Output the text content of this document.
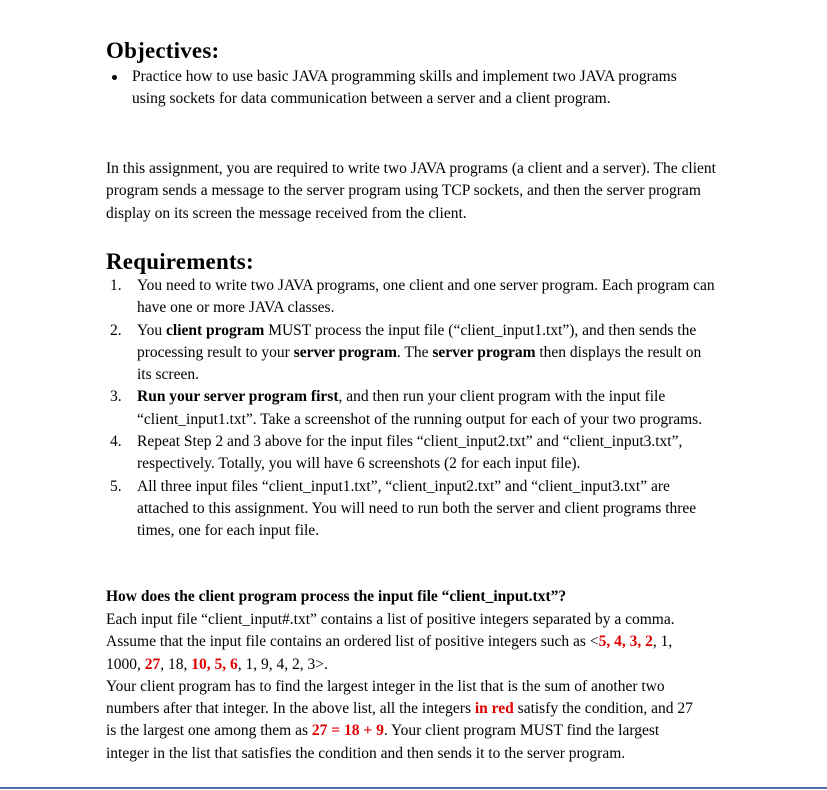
Objectives:
Practice how to use basic JAVA programming skills and implement two JAVA programs using sockets for data communication between a server and a client program.

In this assignment, you are required to write two JAVA programs (a client and a server). The client program sends a message to the server program using TCP sockets, and then the server program display on its screen the message received from the client.

Requirements:
1. You need to write two JAVA programs, one client and one server program. Each program can have one or more JAVA classes.
2. You client program MUST process the input file (“client_input1.txt”), and then sends the processing result to your server program. The server program then displays the result on its screen.
3. Run your server program first, and then run your client program with the input file “client_input1.txt”. Take a screenshot of the running output for each of your two programs.
4. Repeat Step 2 and 3 above for the input files “client_input2.txt” and “client_input3.txt”, respectively. Totally, you will have 6 screenshots (2 for each input file).
5. All three input files “client_input1.txt”, “client_input2.txt” and “client_input3.txt” are attached to this assignment. You will need to run both the server and client programs three times, one for each input file.

How does the client program process the input file “client_input.txt”?

Each input file “client_input#.txt” contains a list of positive integers separated by a comma. Assume that the input file contains an ordered list of positive integers such as <5, 4, 3, 2, 1, 1000, 27, 18, 10, 5, 6, 1, 9, 4, 2, 3>.
Your client program has to find the largest integer in the list that is the sum of another two numbers after that integer. In the above list, all the integers in red satisfy the condition, and 27 is the largest one among them as 27 = 18 + 9. Your client program MUST find the largest integer in the list that satisfies the condition and then sends it to the server program.
